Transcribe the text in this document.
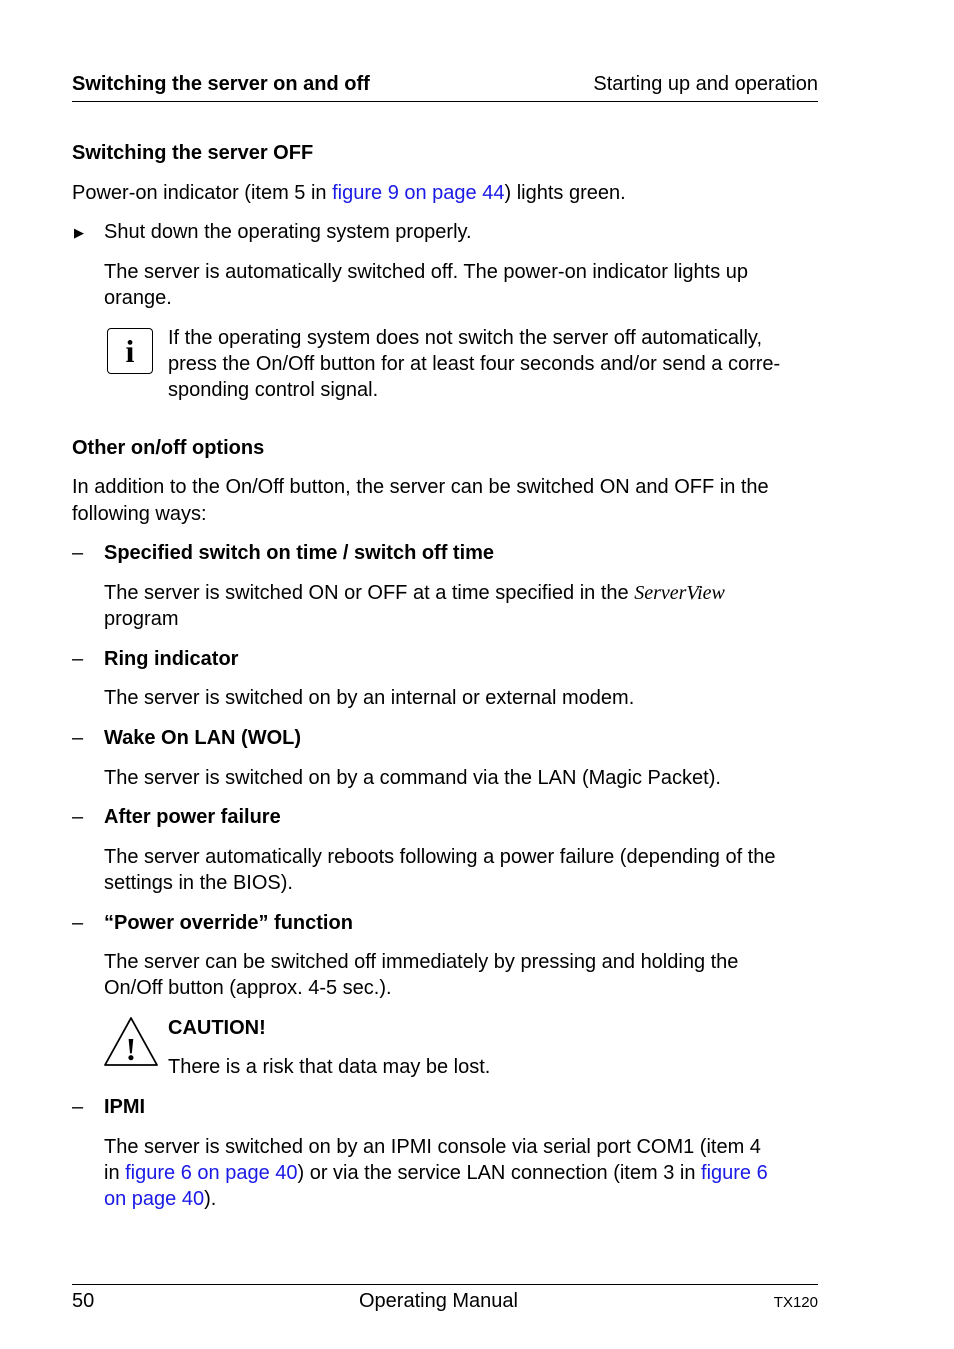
Switching the server on and off	Starting up and operation
Switching the server OFF
Power-on indicator (item 5 in figure 9 on page 44) lights green.
▶ Shut down the operating system properly.
The server is automatically switched off. The power-on indicator lights up
orange.
i	If the operating system does not switch the server off automatically,
press the On/Off button for at least four seconds and/or send a corre-
sponding control signal.
Other on/off options
In addition to the On/Off button, the server can be switched ON and OFF in the
following ways:
– Specified switch on time / switch off time
The server is switched ON or OFF at a time specified in the ServerView
program
– Ring indicator
The server is switched on by an internal or external modem.
– Wake On LAN (WOL)
The server is switched on by a command via the LAN (Magic Packet).
– After power failure
The server automatically reboots following a power failure (depending of the
settings in the BIOS).
– “Power override” function
The server can be switched off immediately by pressing and holding the
On/Off button (approx. 4-5 sec.).
!
CAUTION!
There is a risk that data may be lost.
– IPMI
The server is switched on by an IPMI console via serial port COM1 (item 4
in figure 6 on page 40) or via the service LAN connection (item 3 in figure 6
on page 40).
50	Operating Manual	TX120
